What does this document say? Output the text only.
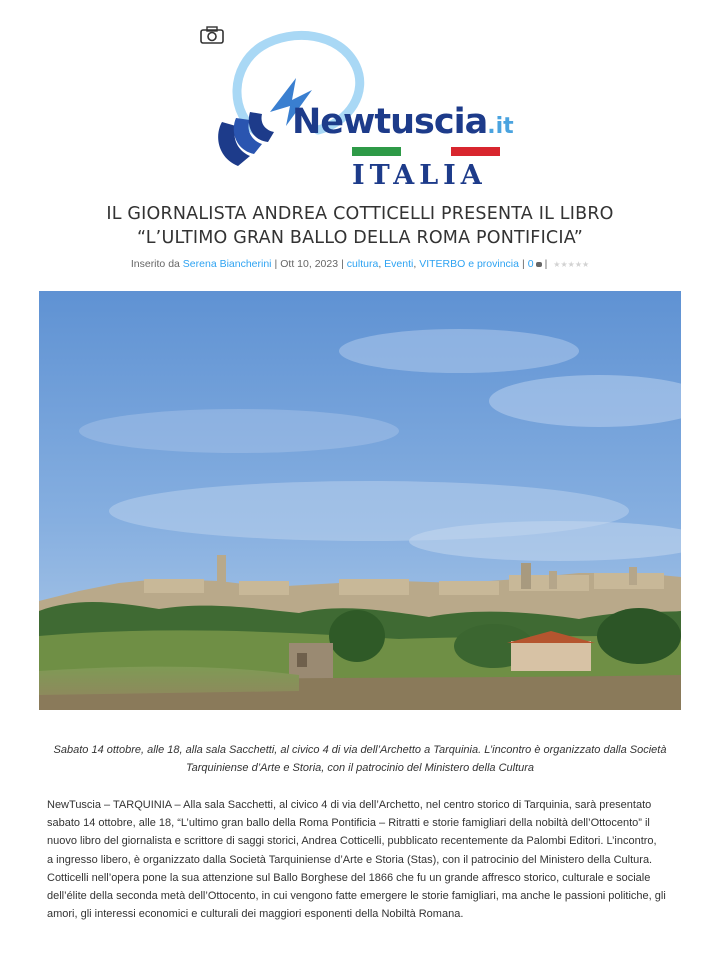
Newtuscia.it
ITALIA
IL GIORNALISTA ANDREA COTTICELLI PRESENTA IL LIBRO
“L’ULTIMO GRAN BALLO DELLA ROMA PONTIFICIA”
Inserito da Serena Biancherini | Ott 10, 2023 | cultura, Eventi, VITERBO e provincia | 0 | ★★★★★

Sabato 14 ottobre, alle 18, alla sala Sacchetti, al civico 4 di via dell’Archetto a Tarquinia. L’incontro è organizzato dalla Società
Tarquiniense d’Arte e Storia, con il patrocinio del Ministero della Cultura

NewTuscia – TARQUINIA – Alla sala Sacchetti, al civico 4 di via dell’Archetto, nel centro storico di Tarquinia, sarà presentato
sabato 14 ottobre, alle 18, “L’ultimo gran ballo della Roma Pontificia – Ritratti e storie famigliari della nobiltà dell’Ottocento” il
nuovo libro del giornalista e scrittore di saggi storici, Andrea Cotticelli, pubblicato recentemente da Palombi Editori. L’incontro,
a ingresso libero, è organizzato dalla Società Tarquiniense d’Arte e Storia (Stas), con il patrocinio del Ministero della Cultura.
Cotticelli nell’opera pone la sua attenzione sul Ballo Borghese del 1866 che fu un grande affresco storico, culturale e sociale
dell’élite della seconda metà dell’Ottocento, in cui vengono fatte emergere le storie famigliari, ma anche le passioni politiche, gli
amori, gli interessi economici e culturali dei maggiori esponenti della Nobiltà Romana.
